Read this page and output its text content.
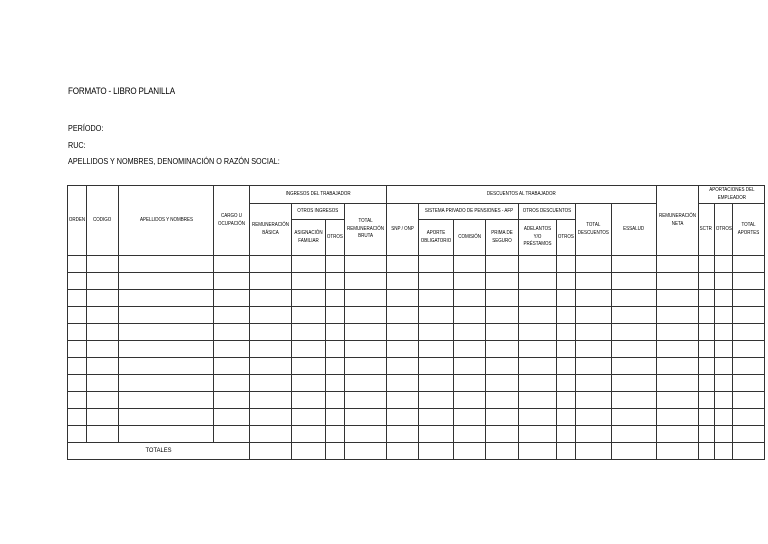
FORMATO - LIBRO PLANILLA
PERÍODO:
RUC:
APELLIDOS Y NOMBRES, DENOMINACIÓN O RAZÓN SOCIAL:
ORDEN	CODIGO	APELLIDOS Y NOMBRES	CARGO U OCUPACIÓN	INGRESOS DEL TRABAJADOR				DESCUENTOS AL TRABAJADOR								REMUNERACIÓN NETA	APORTACIONES DEL EMPLEADOR		
				REMUNERACIÓN BÁSICA	OTROS INGRESOS		TOTAL REMUNERACIÓN BRUTA	SNP / ONP	SISTEMA PRIVADO DE PENSIONES - AFP			OTROS DESCUENTOS		TOTAL DESCUENTOS	ESSALUD		SCTR	OTROS	TOTAL APORTES
					ASIGNACIÓN FAMILIAR	OTROS			APORTE OBLIGATORIO	COMISIÓN	PRIMA DE SEGURO	ADELANTOS Y/O PRÉSTAMOS	OTROS						

TOTALES																			
